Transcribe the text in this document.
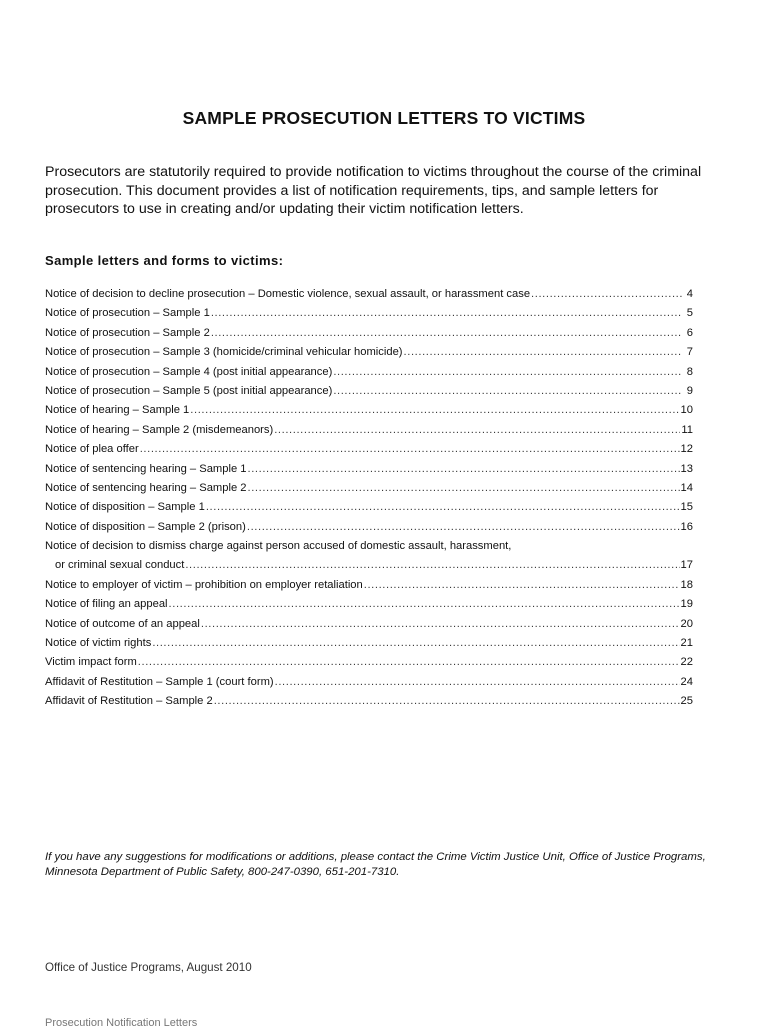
SAMPLE PROSECUTION LETTERS TO VICTIMS
Prosecutors are statutorily required to provide notification to victims throughout the course of the criminal prosecution. This document provides a list of notification requirements, tips, and sample letters for prosecutors to use in creating and/or updating their victim notification letters.
Sample letters and forms to victims:
Notice of decision to decline prosecution – Domestic violence, sexual assault, or harassment case .....	4
Notice of prosecution – Sample 1 .....	5
Notice of prosecution – Sample 2 .....	6
Notice of prosecution – Sample 3 (homicide/criminal vehicular homicide) .....	7
Notice of prosecution – Sample 4 (post initial appearance) .....	8
Notice of prosecution – Sample 5 (post initial appearance) .....	9
Notice of hearing – Sample 1 .....	10
Notice of hearing – Sample 2 (misdemeanors) .....	11
Notice of plea offer .....	12
Notice of sentencing hearing – Sample 1 .....	13
Notice of sentencing hearing – Sample 2 .....	14
Notice of disposition – Sample 1 .....	15
Notice of disposition – Sample 2 (prison) .....	16
Notice of decision to dismiss charge against person accused of domestic assault, harassment,
or criminal sexual conduct .....	17
Notice to employer of victim – prohibition on employer retaliation .....	18
Notice of filing an appeal .....	19
Notice of outcome of an appeal .....	20
Notice of victim rights .....	21
Victim impact form .....	22
Affidavit of Restitution – Sample 1 (court form) .....	24
Affidavit of Restitution – Sample 2 .....	25
If you have any suggestions for modifications or additions, please contact the Crime Victim Justice Unit, Office of Justice Programs, Minnesota Department of Public Safety, 800-247-0390, 651-201-7310.
Office of Justice Programs, August 2010
Prosecution Notification Letters
